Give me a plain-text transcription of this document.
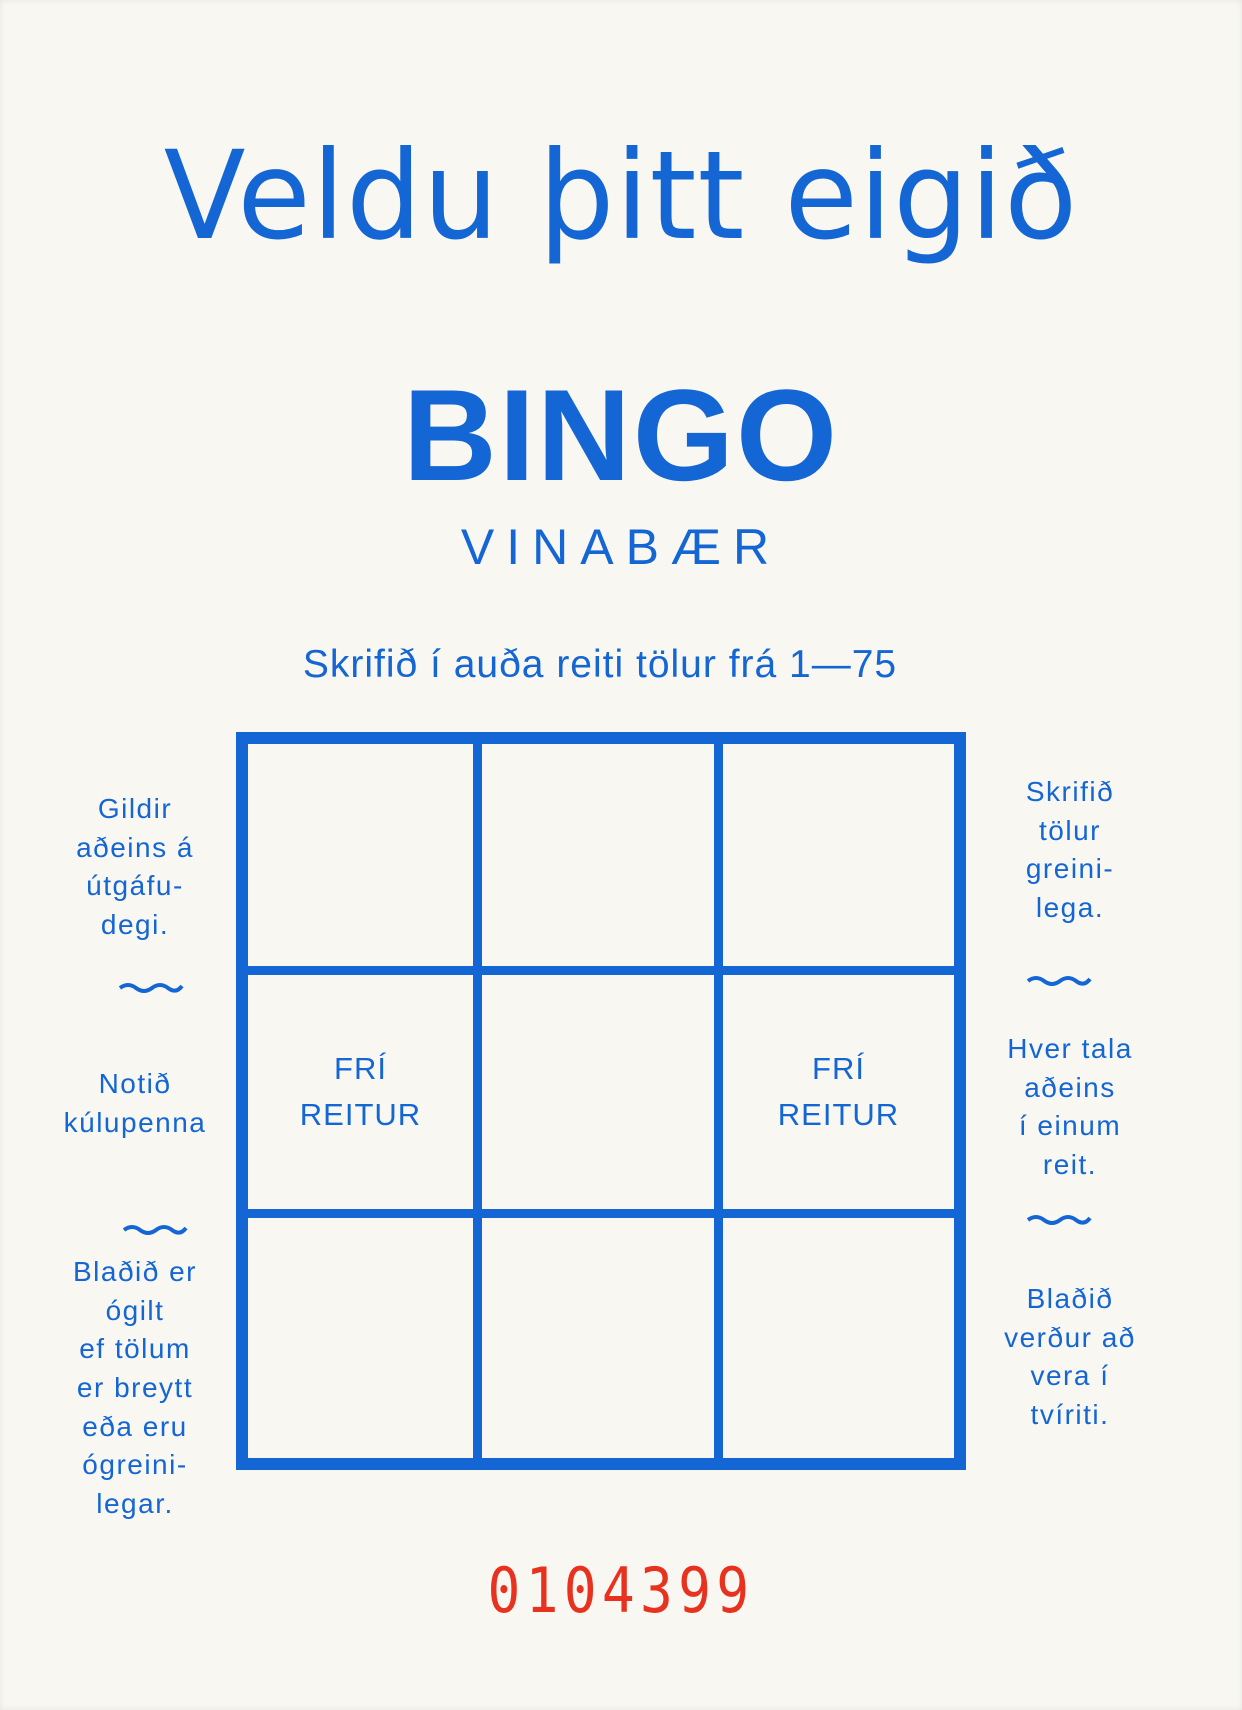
Veldu þitt eigið
BINGO
VINABÆR
Skrifið í auða reiti tölur frá 1—75
Gildir
aðeins á
útgáfu-
degi.
Notið
kúlupenna
Blaðið er
ógilt
ef tölum
er breytt
eða eru
ógreini-
legar.
Skrifið
tölur
greini-
lega.
Hver tala
aðeins
í einum
reit.
Blaðið
verður að
vera í
tvíriti.
FRÍ
REITUR
FRÍ
REITUR
0104399
